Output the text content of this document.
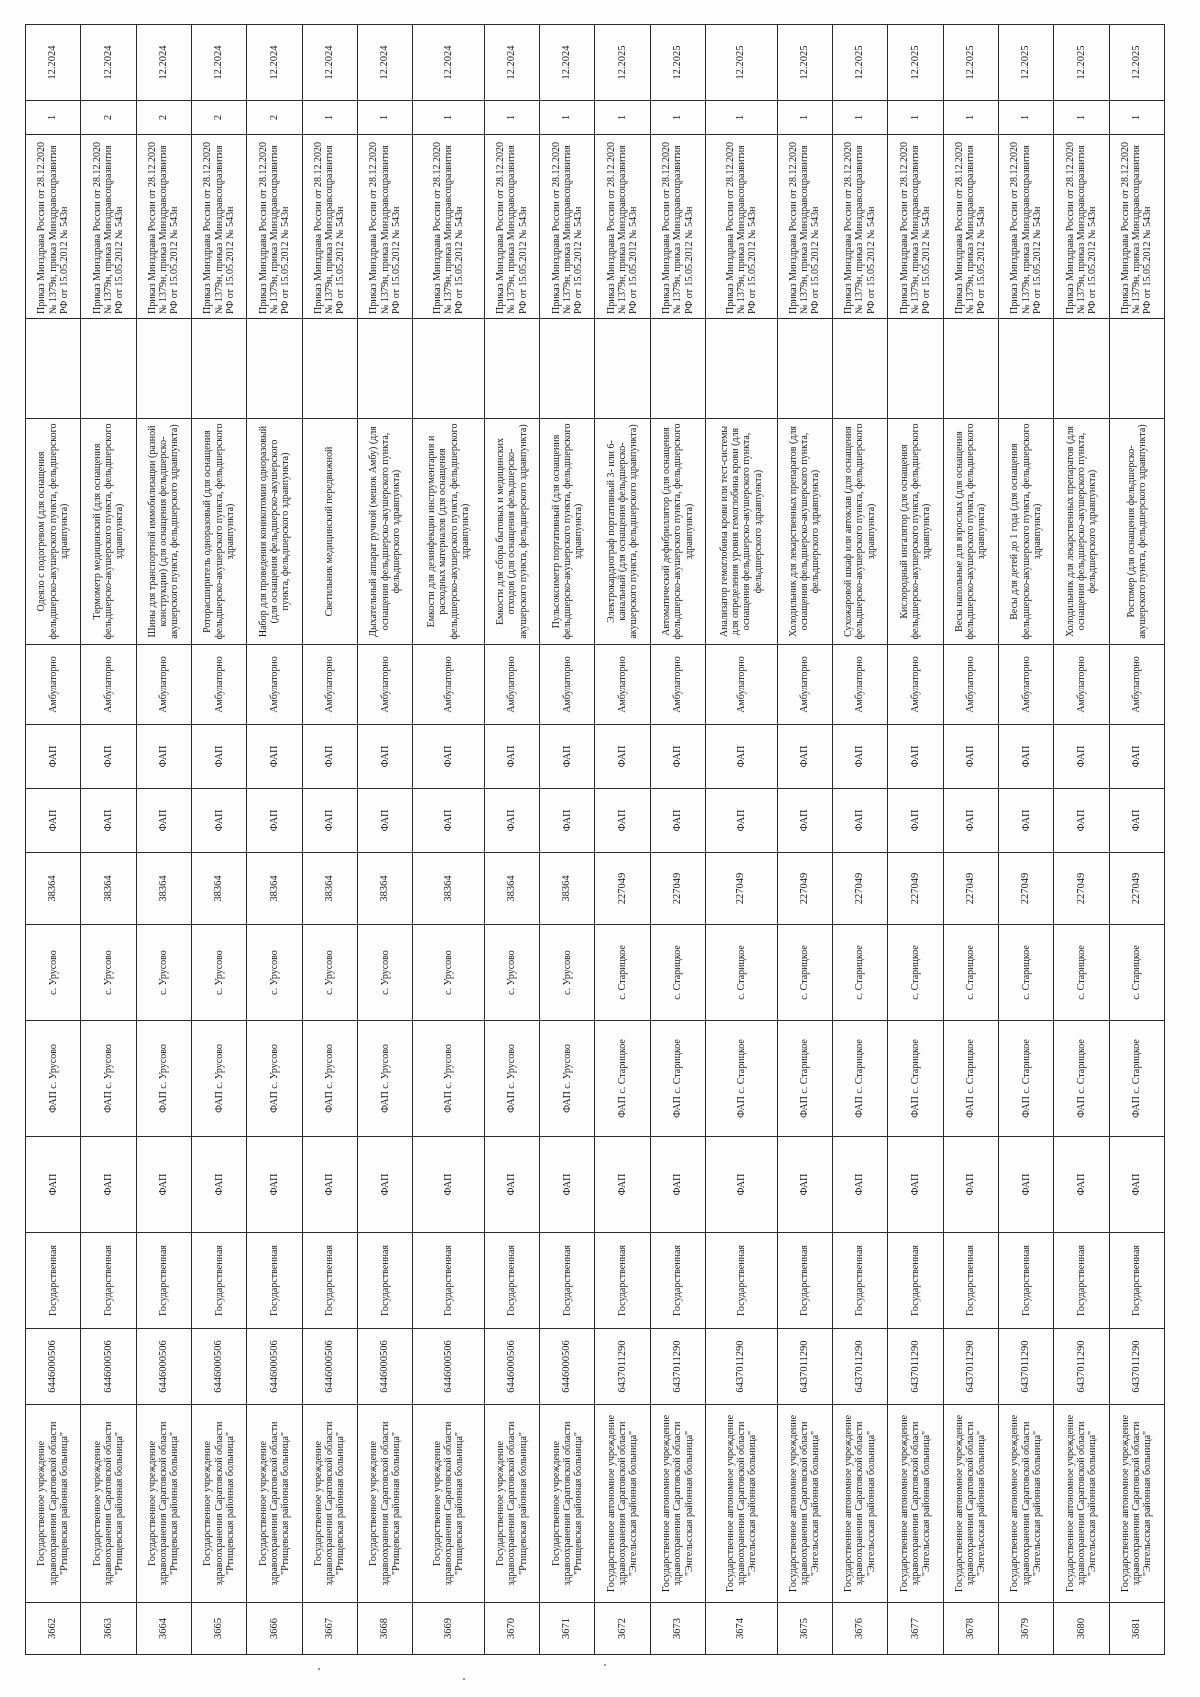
3662	Государственное учреждение здравоохранения Саратовской области "Ртищевская районная больница"	6446000506	Государственная	ФАП	ФАП с. Урусово	с. Урусово	38364	ФАП	ФАП	Амбулаторно	Одеяло с подогревом (для оснащения фельдшерско-акушерского пункта, фельдшерского здравпункта)		Приказ Минздрава России от 28.12.2020 № 1379н, приказ Минздравсоцразвития РФ от 15.05.2012 № 543н	1	12.2024
3663	Государственное учреждение здравоохранения Саратовской области "Ртищевская районная больница"	6446000506	Государственная	ФАП	ФАП с. Урусово	с. Урусово	38364	ФАП	ФАП	Амбулаторно	Термометр медицинский (для оснащения фельдшерско-акушерского пункта, фельдшерского здравпункта)		Приказ Минздрава России от 28.12.2020 № 1379н, приказ Минздравсоцразвития РФ от 15.05.2012 № 543н	2	12.2024
3664	Государственное учреждение здравоохранения Саратовской области "Ртищевская районная больница"	6446000506	Государственная	ФАП	ФАП с. Урусово	с. Урусово	38364	ФАП	ФАП	Амбулаторно	Шины для транспортной иммобилизации (разной конструкции) (для оснащения фельдшерско-акушерского пункта, фельдшерского здравпункта)		Приказ Минздрава России от 28.12.2020 № 1379н, приказ Минздравсоцразвития РФ от 15.05.2012 № 543н	2	12.2024
3665	Государственное учреждение здравоохранения Саратовской области "Ртищевская районная больница"	6446000506	Государственная	ФАП	ФАП с. Урусово	с. Урусово	38364	ФАП	ФАП	Амбулаторно	Роторасширитель одноразовый (для оснащения фельдшерско-акушерского пункта, фельдшерского здравпункта)		Приказ Минздрава России от 28.12.2020 № 1379н, приказ Минздравсоцразвития РФ от 15.05.2012 № 543н	2	12.2024
3666	Государственное учреждение здравоохранения Саратовской области "Ртищевская районная больница"	6446000506	Государственная	ФАП	ФАП с. Урусово	с. Урусово	38364	ФАП	ФАП	Амбулаторно	Набор для проведения коникотомии одноразовый (для оснащения фельдшерско-акушерского пункта, фельдшерского здравпункта)		Приказ Минздрава России от 28.12.2020 № 1379н, приказ Минздравсоцразвития РФ от 15.05.2012 № 543н	2	12.2024
3667	Государственное учреждение здравоохранения Саратовской области "Ртищевская районная больница"	6446000506	Государственная	ФАП	ФАП с. Урусово	с. Урусово	38364	ФАП	ФАП	Амбулаторно	Светильник медицинский передвижной		Приказ Минздрава России от 28.12.2020 № 1379н, приказ Минздравсоцразвития РФ от 15.05.2012 № 543н	1	12.2024
3668	Государственное учреждение здравоохранения Саратовской области "Ртищевская районная больница"	6446000506	Государственная	ФАП	ФАП с. Урусово	с. Урусово	38364	ФАП	ФАП	Амбулаторно	Дыхательный аппарат ручной (мешок Амбу) (для оснащения фельдшерско-акушерского пункта, фельдшерского здравпункта)		Приказ Минздрава России от 28.12.2020 № 1379н, приказ Минздравсоцразвития РФ от 15.05.2012 № 543н	1	12.2024
3669	Государственное учреждение здравоохранения Саратовской области "Ртищевская районная больница"	6446000506	Государственная	ФАП	ФАП с. Урусово	с. Урусово	38364	ФАП	ФАП	Амбулаторно	Емкости для дезинфекции инструментария и расходных материалов (для оснащения фельдшерско-акушерского пункта, фельдшерского здравпункта)		Приказ Минздрава России от 28.12.2020 № 1379н, приказ Минздравсоцразвития РФ от 15.05.2012 № 543н	1	12.2024
3670	Государственное учреждение здравоохранения Саратовской области "Ртищевская районная больница"	6446000506	Государственная	ФАП	ФАП с. Урусово	с. Урусово	38364	ФАП	ФАП	Амбулаторно	Емкости для сбора бытовых и медицинских отходов (для оснащения фельдшерско-акушерского пункта, фельдшерского здравпункта)		Приказ Минздрава России от 28.12.2020 № 1379н, приказ Минздравсоцразвития РФ от 15.05.2012 № 543н	1	12.2024
3671	Государственное учреждение здравоохранения Саратовской области "Ртищевская районная больница"	6446000506	Государственная	ФАП	ФАП с. Урусово	с. Урусово	38364	ФАП	ФАП	Амбулаторно	Пульсоксиметр портативный (для оснащения фельдшерско-акушерского пункта, фельдшерского здравпункта)		Приказ Минздрава России от 28.12.2020 № 1379н, приказ Минздравсоцразвития РФ от 15.05.2012 № 543н	1	12.2024
3672	Государственное автономное учреждение здравоохранения Саратовской области "Энгельсская районная больница"	6437011290	Государственная	ФАП	ФАП с. Старицкое	с. Старицкое	227049	ФАП	ФАП	Амбулаторно	Электрокардиограф портативный 3- или 6-канальный (для оснащения фельдшерско-акушерского пункта, фельдшерского здравпункта)		Приказ Минздрава России от 28.12.2020 № 1379н, приказ Минздравсоцразвития РФ от 15.05.2012 № 543н	1	12.2025
3673	Государственное автономное учреждение здравоохранения Саратовской области "Энгельсская районная больница"	6437011290	Государственная	ФАП	ФАП с. Старицкое	с. Старицкое	227049	ФАП	ФАП	Амбулаторно	Автоматический дефибриллятор (для оснащения фельдшерско-акушерского пункта, фельдшерского здравпункта)		Приказ Минздрава России от 28.12.2020 № 1379н, приказ Минздравсоцразвития РФ от 15.05.2012 № 543н	1	12.2025
3674	Государственное автономное учреждение здравоохранения Саратовской области "Энгельсская районная больница"	6437011290	Государственная	ФАП	ФАП с. Старицкое	с. Старицкое	227049	ФАП	ФАП	Амбулаторно	Анализатор гемоглобина крови или тест-системы для определения уровня гемоглобина крови (для оснащения фельдшерско-акушерского пункта, фельдшерского здравпункта)		Приказ Минздрава России от 28.12.2020 № 1379н, приказ Минздравсоцразвития РФ от 15.05.2012 № 543н	1	12.2025
3675	Государственное автономное учреждение здравоохранения Саратовской области "Энгельсская районная больница"	6437011290	Государственная	ФАП	ФАП с. Старицкое	с. Старицкое	227049	ФАП	ФАП	Амбулаторно	Холодильник для лекарственных препаратов (для оснащения фельдшерско-акушерского пункта, фельдшерского здравпункта)		Приказ Минздрава России от 28.12.2020 № 1379н, приказ Минздравсоцразвития РФ от 15.05.2012 № 543н	1	12.2025
3676	Государственное автономное учреждение здравоохранения Саратовской области "Энгельсская районная больница"	6437011290	Государственная	ФАП	ФАП с. Старицкое	с. Старицкое	227049	ФАП	ФАП	Амбулаторно	Сухожаровой шкаф или автоклав (для оснащения фельдшерско-акушерского пункта, фельдшерского здравпункта)		Приказ Минздрава России от 28.12.2020 № 1379н, приказ Минздравсоцразвития РФ от 15.05.2012 № 543н	1	12.2025
3677	Государственное автономное учреждение здравоохранения Саратовской области "Энгельсская районная больница"	6437011290	Государственная	ФАП	ФАП с. Старицкое	с. Старицкое	227049	ФАП	ФАП	Амбулаторно	Кислородный ингалятор (для оснащения фельдшерско-акушерского пункта, фельдшерского здравпункта)		Приказ Минздрава России от 28.12.2020 № 1379н, приказ Минздравсоцразвития РФ от 15.05.2012 № 543н	1	12.2025
3678	Государственное автономное учреждение здравоохранения Саратовской области "Энгельсская районная больница"	6437011290	Государственная	ФАП	ФАП с. Старицкое	с. Старицкое	227049	ФАП	ФАП	Амбулаторно	Весы напольные для взрослых (для оснащения фельдшерско-акушерского пункта, фельдшерского здравпункта)		Приказ Минздрава России от 28.12.2020 № 1379н, приказ Минздравсоцразвития РФ от 15.05.2012 № 543н	1	12.2025
3679	Государственное автономное учреждение здравоохранения Саратовской области "Энгельсская районная больница"	6437011290	Государственная	ФАП	ФАП с. Старицкое	с. Старицкое	227049	ФАП	ФАП	Амбулаторно	Весы для детей до 1 года (для оснащения фельдшерско-акушерского пункта, фельдшерского здравпункта)		Приказ Минздрава России от 28.12.2020 № 1379н, приказ Минздравсоцразвития РФ от 15.05.2012 № 543н	1	12.2025
3680	Государственное автономное учреждение здравоохранения Саратовской области "Энгельсская районная больница"	6437011290	Государственная	ФАП	ФАП с. Старицкое	с. Старицкое	227049	ФАП	ФАП	Амбулаторно	Холодильник для лекарственных препаратов (для оснащения фельдшерско-акушерского пункта, фельдшерского здравпункта)		Приказ Минздрава России от 28.12.2020 № 1379н, приказ Минздравсоцразвития РФ от 15.05.2012 № 543н	1	12.2025
3681	Государственное автономное учреждение здравоохранения Саратовской области "Энгельсская районная больница"	6437011290	Государственная	ФАП	ФАП с. Старицкое	с. Старицкое	227049	ФАП	ФАП	Амбулаторно	Ростомер (для оснащения фельдшерско-акушерского пункта, фельдшерского здравпункта)		Приказ Минздрава России от 28.12.2020 № 1379н, приказ Минздравсоцразвития РФ от 15.05.2012 № 543н	1	12.2025
